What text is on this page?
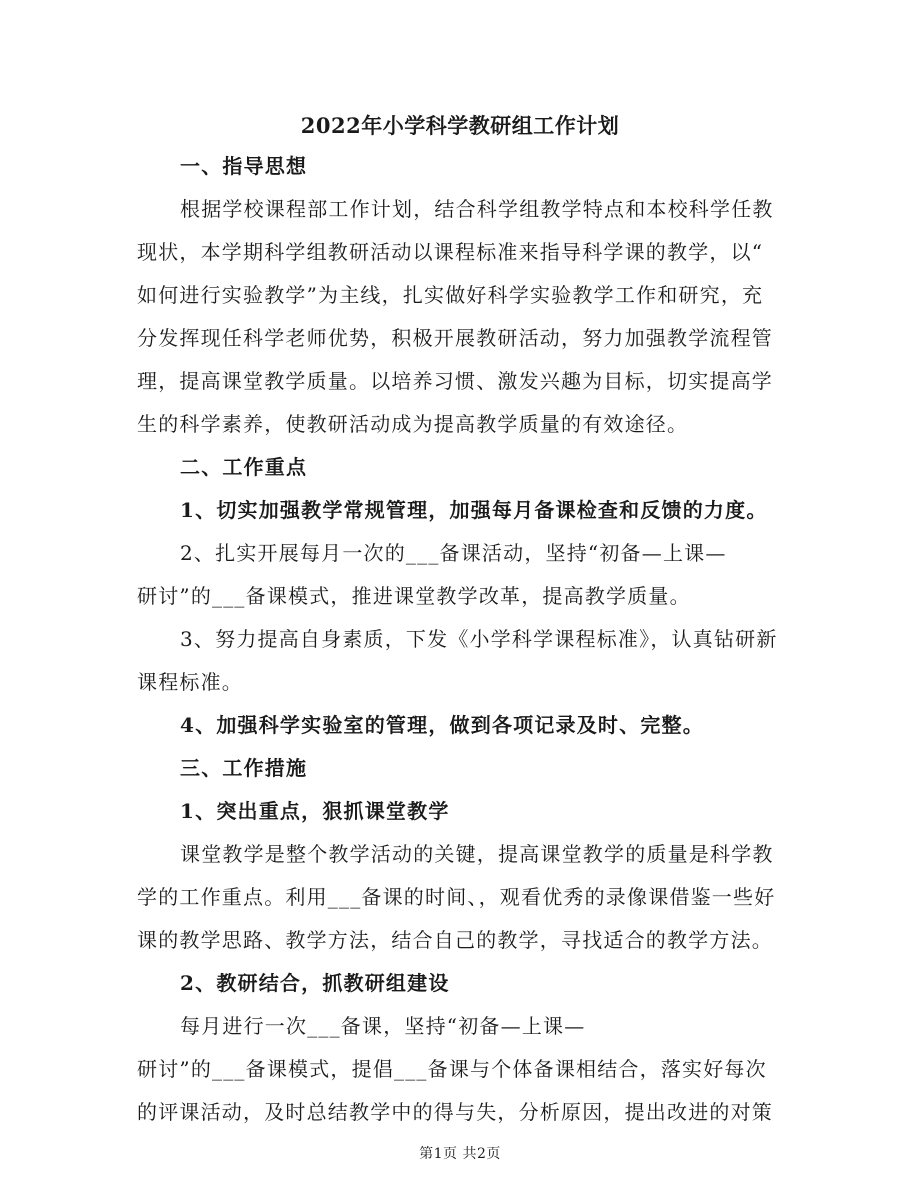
2022年小学科学教研组工作计划
一、指导思想
根据学校课程部工作计划，结合科学组教学特点和本校科学任教
现状，本学期科学组教研活动以课程标准来指导科学课的教学，以“
如何进行实验教学”为主线，扎实做好科学实验教学工作和研究，充
分发挥现任科学老师优势，积极开展教研活动，努力加强教学流程管
理，提高课堂教学质量。以培养习惯、激发兴趣为目标，切实提高学
生的科学素养，使教研活动成为提高教学质量的有效途径。
二、工作重点
1、切实加强教学常规管理，加强每月备课检查和反馈的力度。
2、扎实开展每月一次的___备课活动，坚持“初备—上课—
研讨”的___备课模式，推进课堂教学改革，提高教学质量。
3、努力提高自身素质，下发《小学科学课程标准》，认真钻研新
课程标准。
4、加强科学实验室的管理，做到各项记录及时、完整。
三、工作措施
1、突出重点，狠抓课堂教学
课堂教学是整个教学活动的关键，提高课堂教学的质量是科学教
学的工作重点。利用___备课的时间、，观看优秀的录像课借鉴一些好
课的教学思路、教学方法，结合自己的教学，寻找适合的教学方法。
2、教研结合，抓教研组建设
每月进行一次___备课，坚持“初备—上课—
研讨”的___备课模式，提倡___备课与个体备课相结合，落实好每次
的评课活动，及时总结教学中的得与失，分析原因，提出改进的对策
第1页 共2页
